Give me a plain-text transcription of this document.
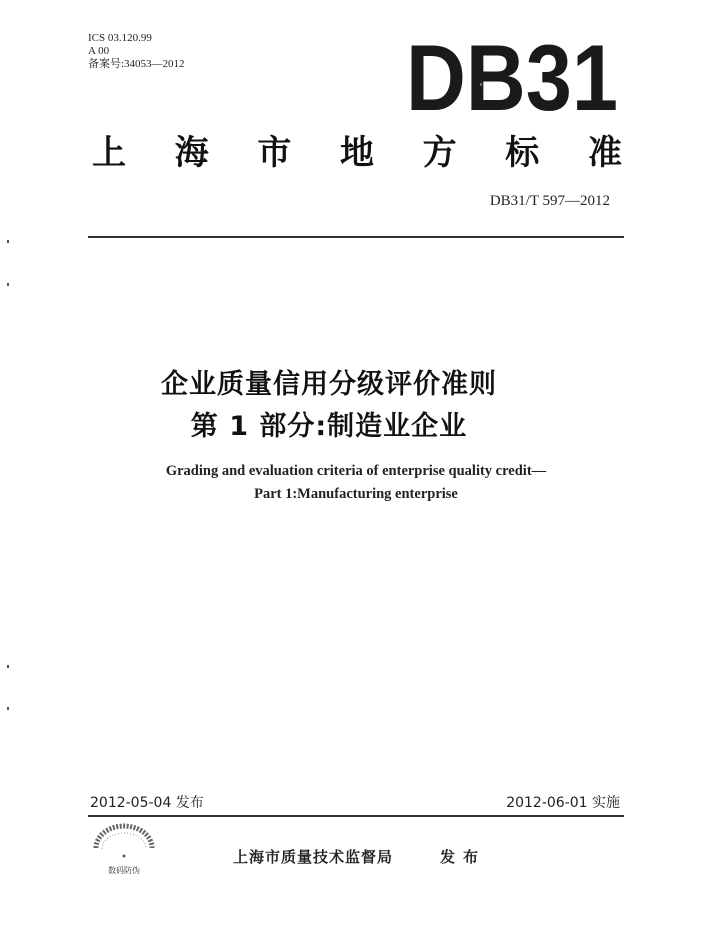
ICS 03.120.99
A 00
备案号:34053—2012 DB31
上 海 市 地 方 标 准
DB31/T 597—2012
企业质量信用分级评价准则
第 1 部分:制造业企业
Grading and evaluation criteria of enterprise quality credit—
Part 1:Manufacturing enterprise
2012-05-04 发布	2012-06-01 实施
数码防伪
上海市质量技术监督局	发布
